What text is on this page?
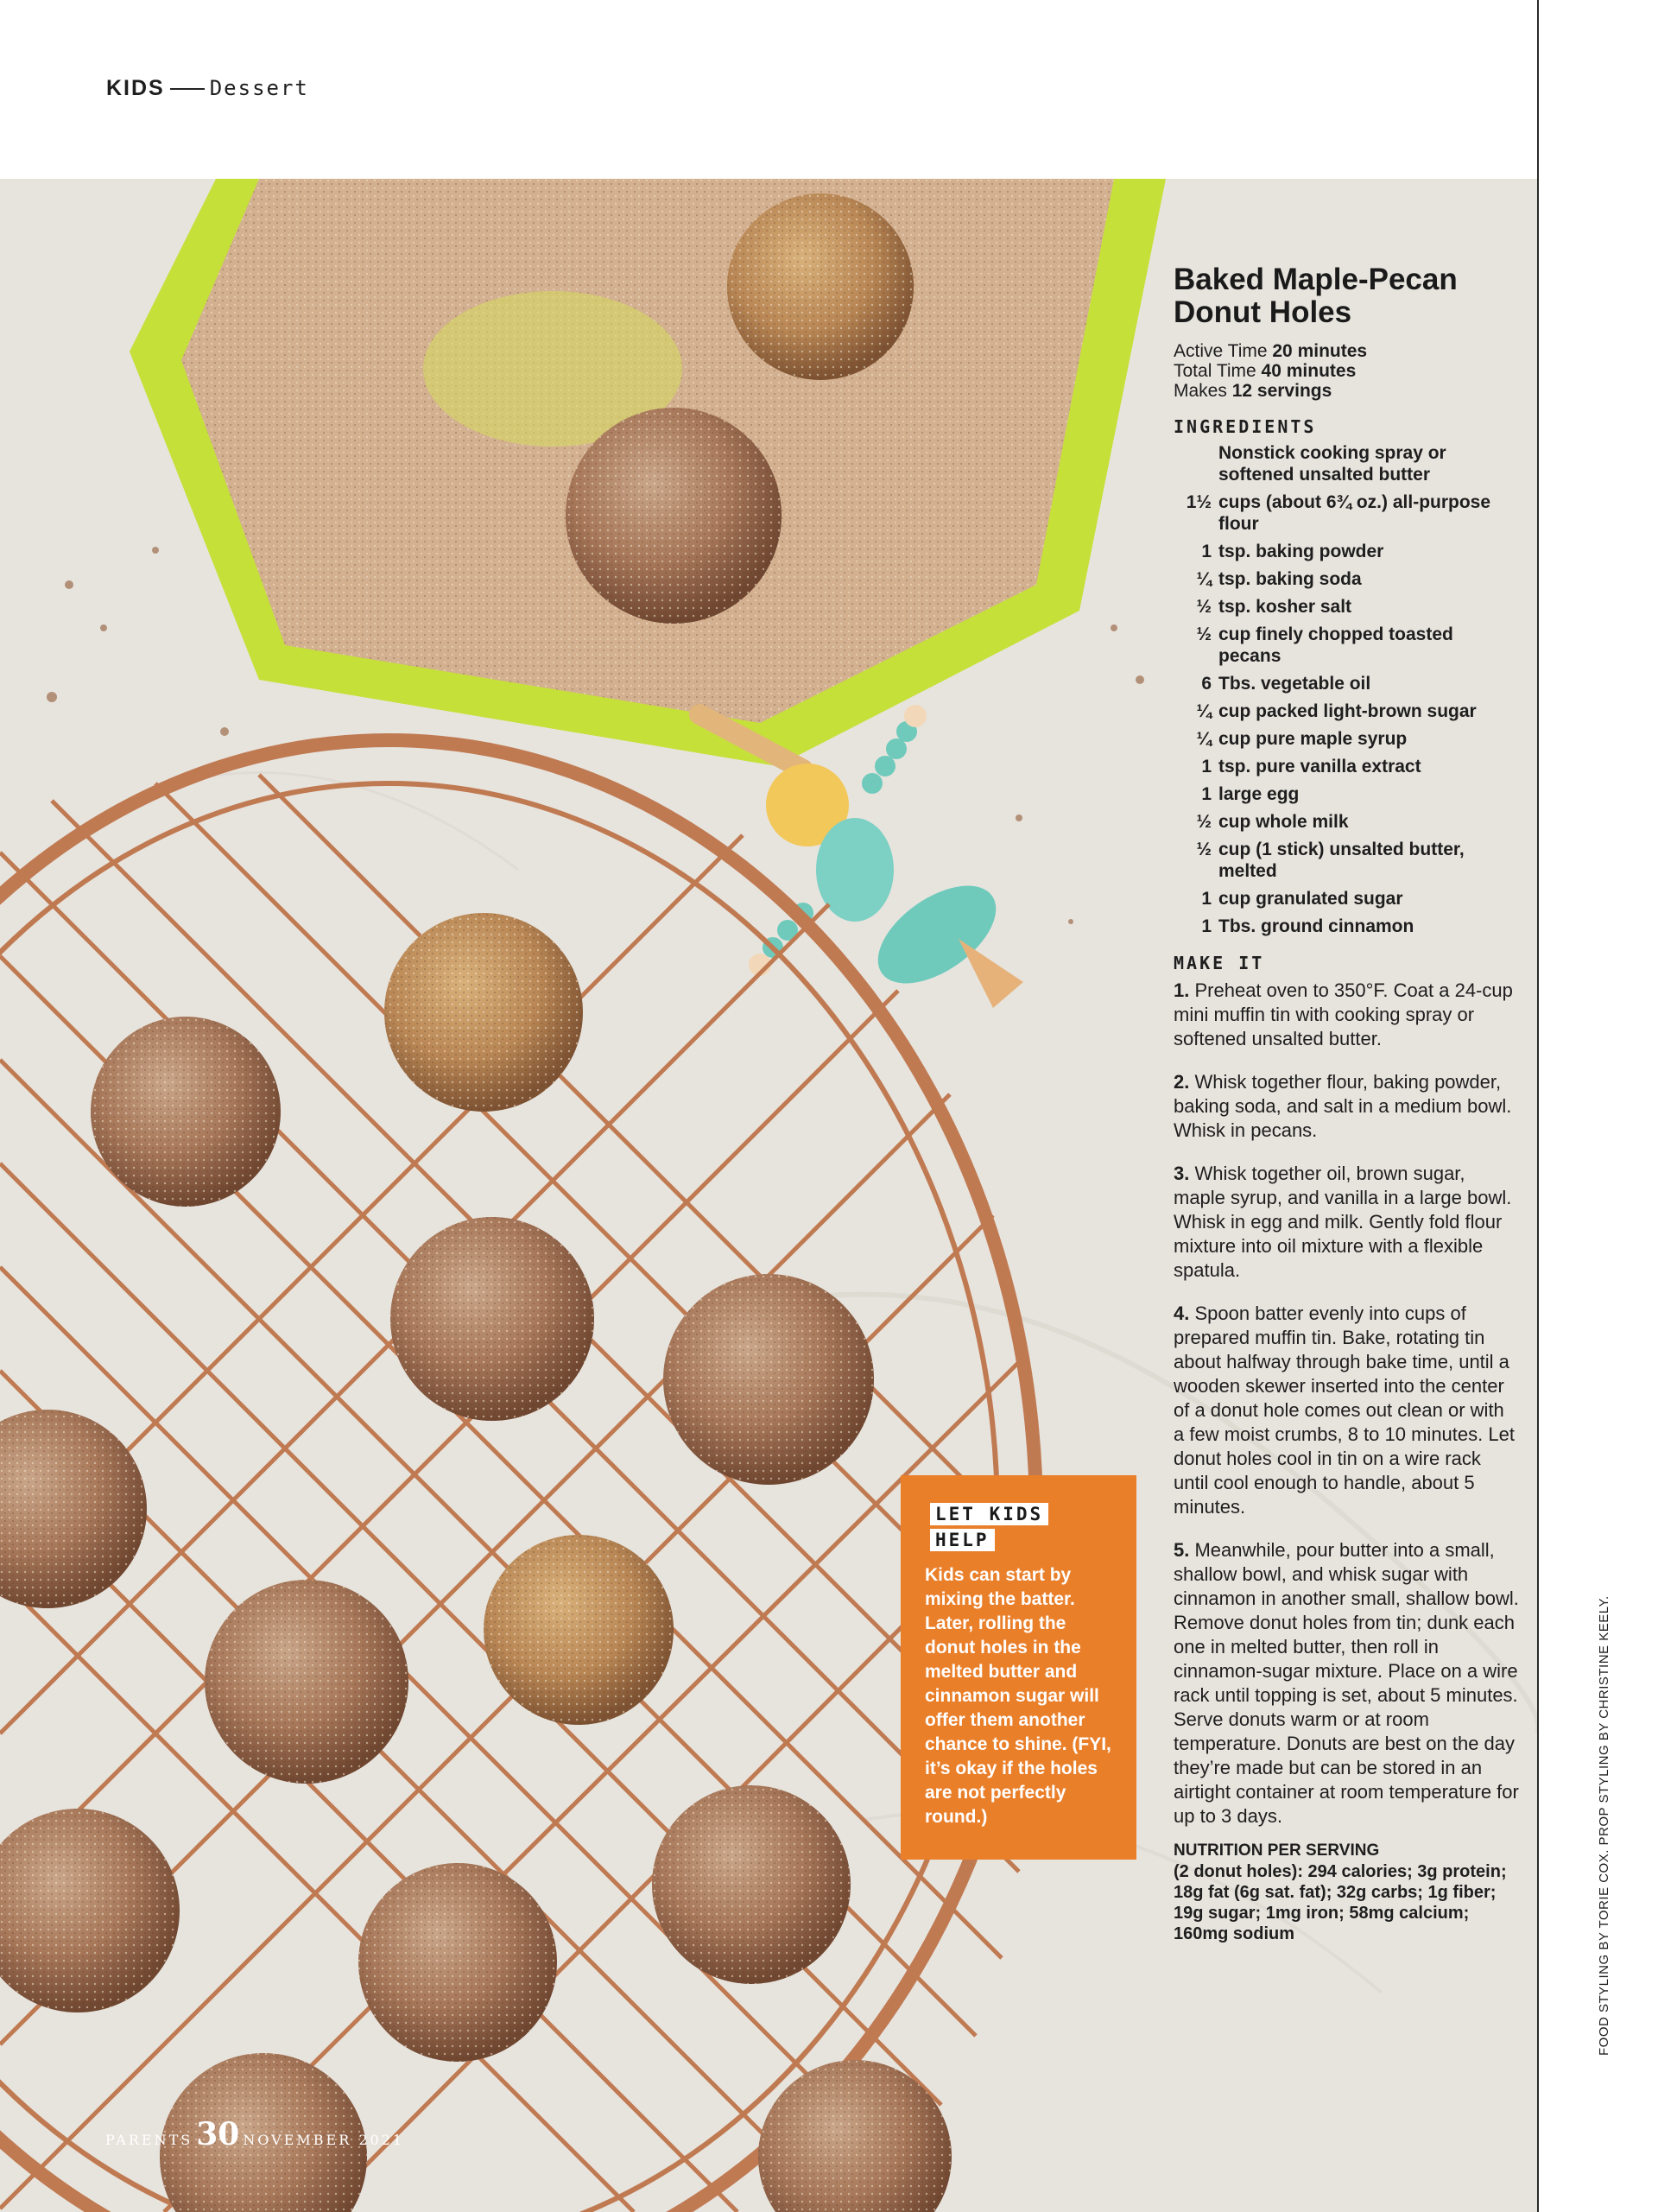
KIDS Dessert
Baked Maple-Pecan
Donut Holes
Active Time 20 minutes
Total Time 40 minutes
Makes 12 servings
INGREDIENTS
Nonstick cooking spray or softened unsalted butter
1½ cups (about 6¾ oz.) all-purpose flour
1 tsp. baking powder
¼ tsp. baking soda
½ tsp. kosher salt
½ cup finely chopped toasted pecans
6 Tbs. vegetable oil
¼ cup packed light-brown sugar
¼ cup pure maple syrup
1 tsp. pure vanilla extract
1 large egg
½ cup whole milk
½ cup (1 stick) unsalted butter, melted
1 cup granulated sugar
1 Tbs. ground cinnamon
MAKE IT

1. Preheat oven to 350°F. Coat a 24-cup mini muffin tin with cooking spray or softened unsalted butter.

2. Whisk together flour, baking powder, baking soda, and salt in a medium bowl. Whisk in pecans.

3. Whisk together oil, brown sugar, maple syrup, and vanilla in a large bowl. Whisk in egg and milk. Gently fold flour mixture into oil mixture with a flexible spatula.

4. Spoon batter evenly into cups of prepared muffin tin. Bake, rotating tin about halfway through bake time, until a wooden skewer inserted into the center of a donut hole comes out clean or with a few moist crumbs, 8 to 10 minutes. Let donut holes cool in tin on a wire rack until cool enough to handle, about 5 minutes.

5. Meanwhile, pour butter into a small, shallow bowl, and whisk sugar with cinnamon in another small, shallow bowl. Remove donut holes from tin; dunk each one in melted butter, then roll in cinnamon-sugar mixture. Place on a wire rack until topping is set, about 5 minutes. Serve donuts warm or at room temperature. Donuts are best on the day they’re made but can be stored in an airtight container at room temperature for up to 3 days.

NUTRITION PER SERVING
(2 donut holes): 294 calories; 3g protein; 18g fat (6g sat. fat); 32g carbs; 1g fiber; 19g sugar; 1mg iron; 58mg calcium; 160mg sodium
LET KIDS
HELP
Kids can start by mixing the batter. Later, rolling the donut holes in the melted butter and cinnamon sugar will offer them another chance to shine. (FYI, it’s okay if the holes are not perfectly round.)
PARENTS 30 NOVEMBER 2021
FOOD STYLING BY TORIE COX. PROP STYLING BY CHRISTINE KEELY.
